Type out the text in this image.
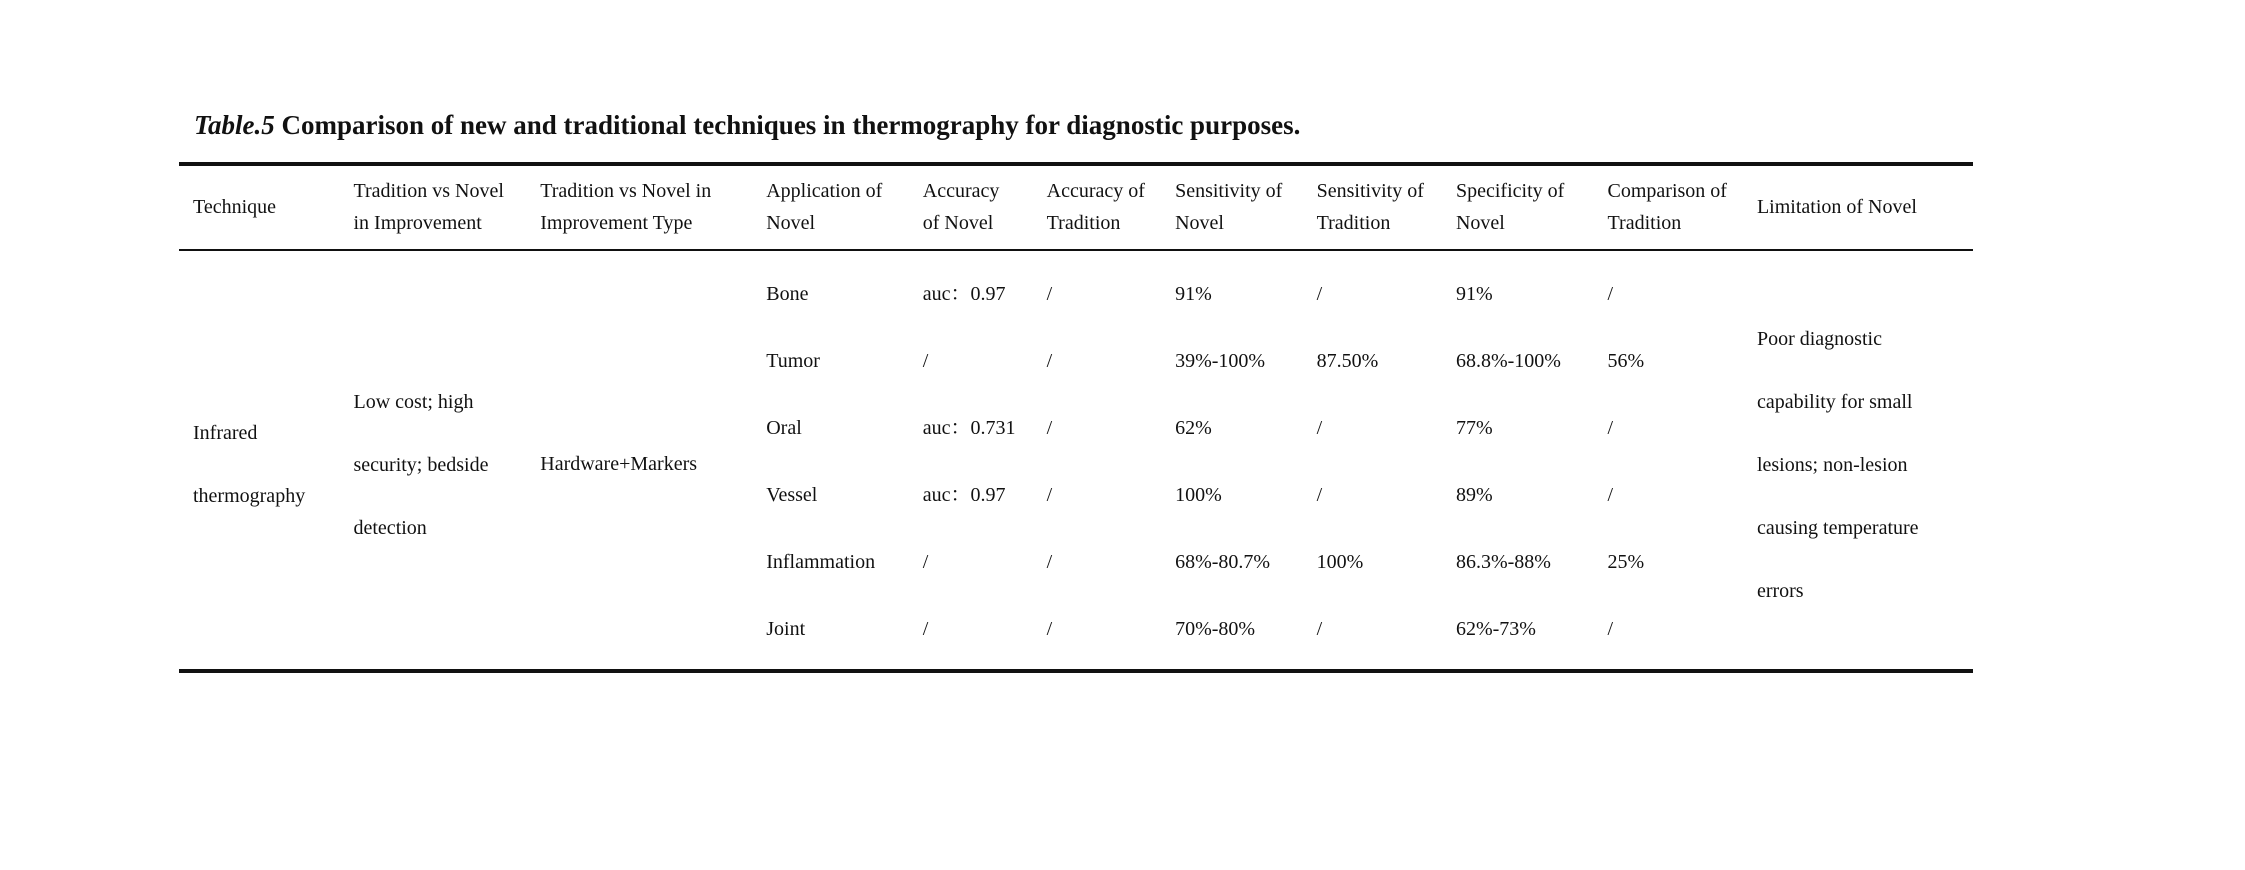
Table.5 Comparison of new and traditional techniques in thermography for diagnostic purposes.
Technique	Tradition vs Novel in Improvement	Tradition vs Novel in Improvement Type	Application of Novel	Accuracy of Novel	Accuracy of Tradition	Sensitivity of Novel	Sensitivity of Tradition	Specificity of Novel	Comparison of Tradition	Limitation of Novel
Infrared thermography	Low cost; high security; bedside detection	Hardware+Markers	Bone	auc：0.97	/	91%	/	91%	/	Poor diagnostic capability for small lesions; non-lesion causing temperature errors
			Tumor	/	/	39%-100%	87.50%	68.8%-100%	56%	
			Oral	auc：0.731	/	62%	/	77%	/	
			Vessel	auc：0.97	/	100%	/	89%	/	
			Inflammation	/	/	68%-80.7%	100%	86.3%-88%	25%	
			Joint	/	/	70%-80%	/	62%-73%	/	
